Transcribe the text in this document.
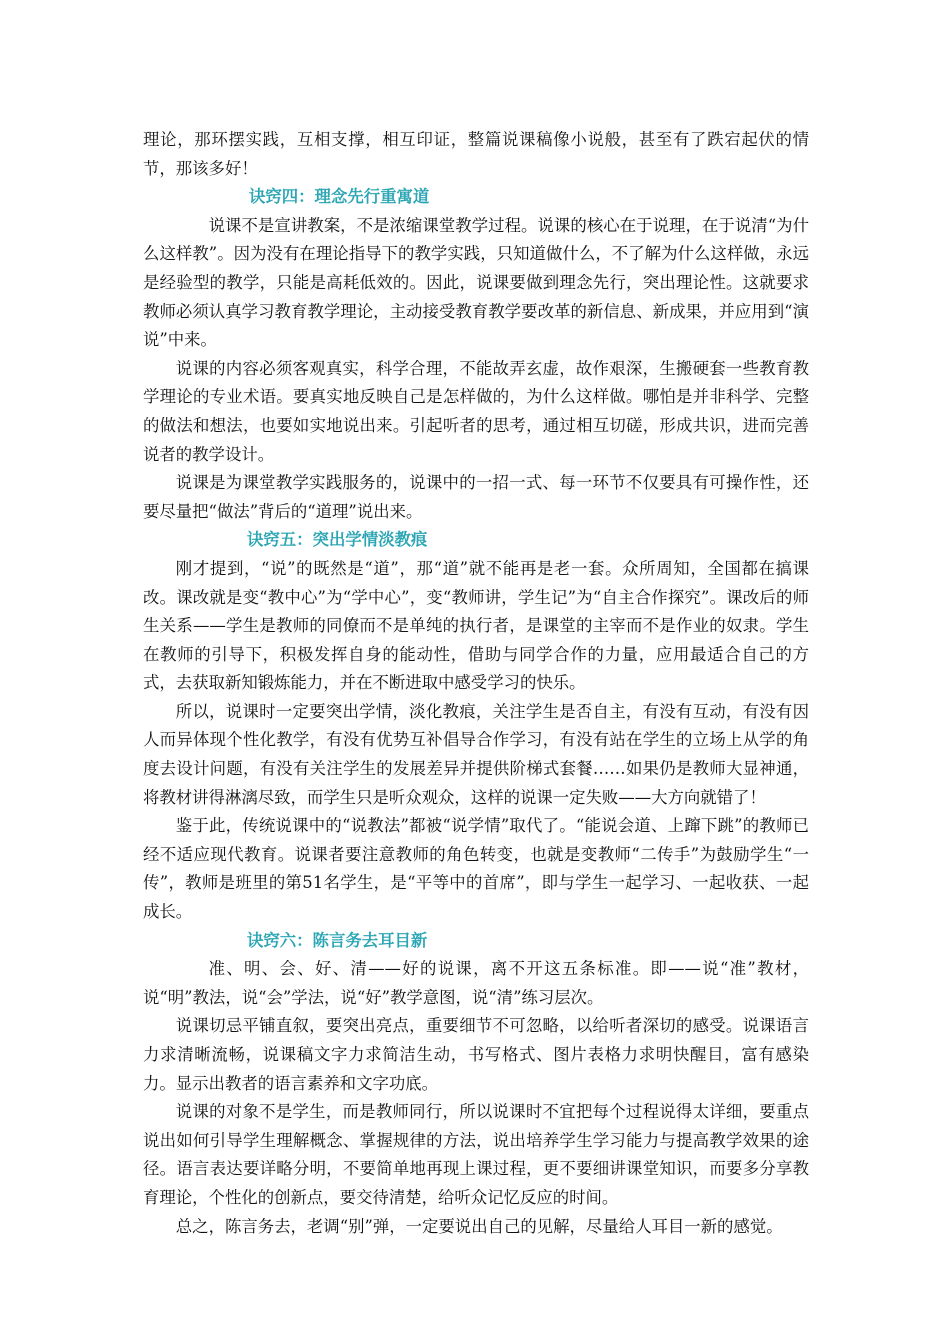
理论，那环摆实践，互相支撑，相互印证，整篇说课稿像小说般，甚至有了跌宕起伏的情节，那该多好！

诀窍四：理念先行重寓道

说课不是宣讲教案，不是浓缩课堂教学过程。说课的核心在于说理，在于说清“为什么这样教”。因为没有在理论指导下的教学实践，只知道做什么，不了解为什么这样做，永远是经验型的教学，只能是高耗低效的。因此，说课要做到理念先行，突出理论性。这就要求教师必须认真学习教育教学理论，主动接受教育教学要改革的新信息、新成果，并应用到“演说”中来。

说课的内容必须客观真实，科学合理，不能故弄玄虚，故作艰深，生搬硬套一些教育教学理论的专业术语。要真实地反映自己是怎样做的，为什么这样做。哪怕是并非科学、完整的做法和想法，也要如实地说出来。引起听者的思考，通过相互切磋，形成共识，进而完善说者的教学设计。

说课是为课堂教学实践服务的，说课中的一招一式、每一环节不仅要具有可操作性，还要尽量把“做法”背后的“道理”说出来。

诀窍五：突出学情淡教痕

刚才提到，“说”的既然是“道”，那“道”就不能再是老一套。众所周知，全国都在搞课改。课改就是变“教中心”为“学中心”，变“教师讲，学生记”为“自主合作探究”。课改后的师生关系——学生是教师的同僚而不是单纯的执行者，是课堂的主宰而不是作业的奴隶。学生在教师的引导下，积极发挥自身的能动性，借助与同学合作的力量，应用最适合自己的方式，去获取新知锻炼能力，并在不断进取中感受学习的快乐。

所以，说课时一定要突出学情，淡化教痕，关注学生是否自主，有没有互动，有没有因人而异体现个性化教学，有没有优势互补倡导合作学习，有没有站在学生的立场上从学的角度去设计问题，有没有关注学生的发展差异并提供阶梯式套餐……如果仍是教师大显神通，将教材讲得淋漓尽致，而学生只是听众观众，这样的说课一定失败——大方向就错了！

鉴于此，传统说课中的“说教法”都被“说学情”取代了。“能说会道、上蹿下跳”的教师已经不适应现代教育。说课者要注意教师的角色转变，也就是变教师“二传手”为鼓励学生“一传”，教师是班里的第51名学生，是“平等中的首席”，即与学生一起学习、一起收获、一起成长。

诀窍六：陈言务去耳目新

准、明、会、好、清——好的说课，离不开这五条标准。即——说“准”教材，说“明”教法，说“会”学法，说“好”教学意图，说“清”练习层次。

说课切忌平铺直叙，要突出亮点，重要细节不可忽略，以给听者深切的感受。说课语言力求清晰流畅，说课稿文字力求简洁生动，书写格式、图片表格力求明快醒目，富有感染力。显示出教者的语言素养和文字功底。

说课的对象不是学生，而是教师同行，所以说课时不宜把每个过程说得太详细，要重点说出如何引导学生理解概念、掌握规律的方法，说出培养学生学习能力与提高教学效果的途径。语言表达要详略分明，不要简单地再现上课过程，更不要细讲课堂知识，而要多分享教育理论，个性化的创新点，要交待清楚，给听众记忆反应的时间。

总之，陈言务去，老调“别”弹，一定要说出自己的见解，尽量给人耳目一新的感觉。
